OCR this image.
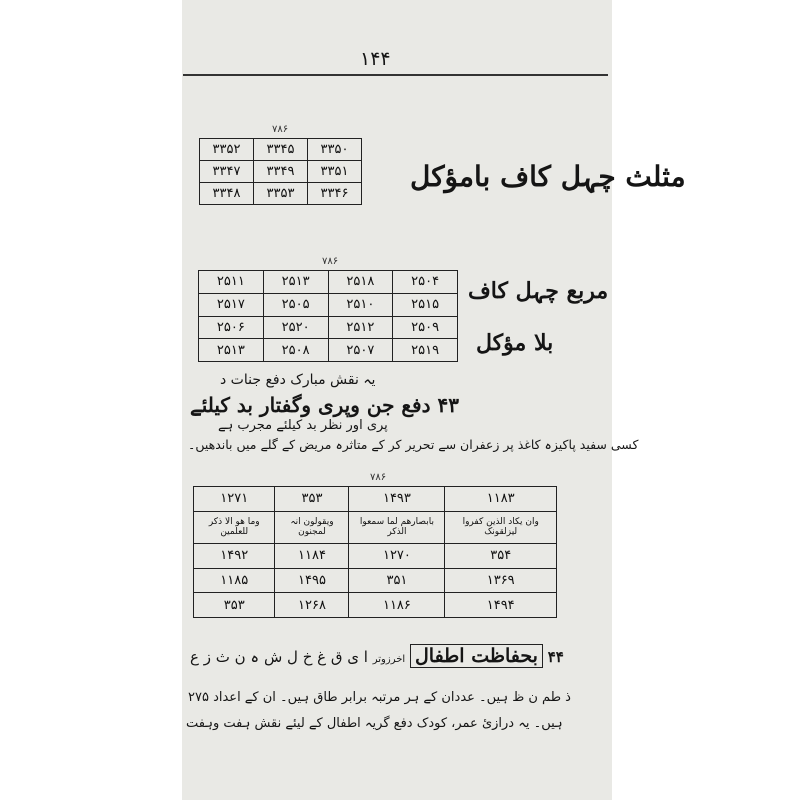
۱۴۴
۷۸۶
۳۳۵۰	۳۳۴۵	۳۳۵۲
۳۳۵۱	۳۳۴۹	۳۳۴۷
۳۳۴۶	۳۳۵۳	۳۳۴۸
مثلث چہل کاف بامؤکل
۷۸۶
۲۵۰۴	۲۵۱۸	۲۵۱۳	۲۵۱۱
۲۵۱۵	۲۵۱۰	۲۵۰۵	۲۵۱۷
۲۵۰۹	۲۵۱۲	۲۵۲۰	۲۵۰۶
۲۵۱۹	۲۵۰۷	۲۵۰۸	۲۵۱۳
مربع چہل کاف
بلا مؤکل
یہ نقش مبارک دفع جنات د
۴۳ دفع جن وپری وگفتار بد کیلئے
پری اور نظر بد کیلئے مجرب ہے
کسی سفید پاکیزہ کاغذ پر زعفران سے تحریر کر کے متاثرہ مریض کے گلے میں باندھیں۔
۷۸۶
۱۱۸۳	۱۴۹۳	۳۵۳	۱۲۷۱
وان یکاد الذین کفروا لیزلقونک	بابصارھم لما سمعوا الذکر	ویقولون انہ لمجنون	وما ھو الا ذکر للعلمین
۳۵۴	۱۲۷۰	۱۱۸۴	۱۴۹۲
۱۳۶۹	۳۵۱	۱۴۹۵	۱۱۸۵
۱۴۹۴	۱۱۸۶	۱۲۶۸	۳۵۳
۴۴ بحفاظت اطفال اخرزوتر ا ی ق غ خ ل ش ہ ن ث ز ع
ذ طم ن ظ ہیں۔ عددان کے ہر مرتبہ برابر طاق ہیں۔ ان کے اعداد ۲۷۵
ہیں۔ یہ درازئ عمر، کودک دفع گریہ اطفال کے لیئے نقش ہفت وہفت
